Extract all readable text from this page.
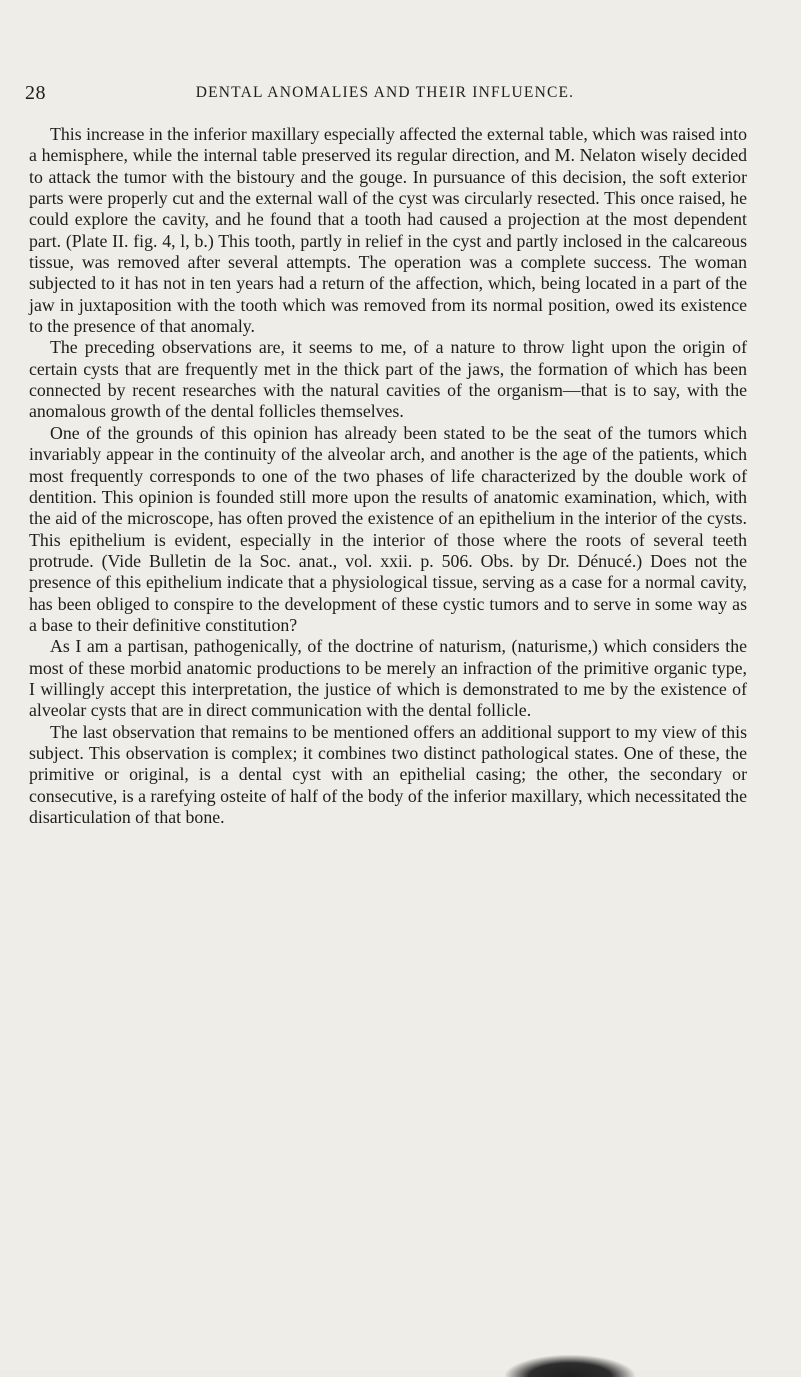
28	DENTAL ANOMALIES AND THEIR INFLUENCE.

This increase in the inferior maxillary especially affected the external table, which was raised into a hemisphere, while the internal table preserved its regular direction, and M. Nelaton wisely decided to attack the tumor with the bistoury and the gouge. In pursuance of this decision, the soft exterior parts were properly cut and the external wall of the cyst was circularly resected. This once raised, he could explore the cavity, and he found that a tooth had caused a projection at the most dependent part. (Plate II. fig. 4, l, b.) This tooth, partly in relief in the cyst and partly inclosed in the calcareous tissue, was removed after several attempts. The operation was a complete success. The woman subjected to it has not in ten years had a return of the affection, which, being located in a part of the jaw in juxtaposition with the tooth which was removed from its normal position, owed its existence to the presence of that anomaly.

The preceding observations are, it seems to me, of a nature to throw light upon the origin of certain cysts that are frequently met in the thick part of the jaws, the formation of which has been connected by recent researches with the natural cavities of the organism—that is to say, with the anomalous growth of the dental follicles themselves.

One of the grounds of this opinion has already been stated to be the seat of the tumors which invariably appear in the continuity of the alveolar arch, and another is the age of the patients, which most frequently corresponds to one of the two phases of life characterized by the double work of dentition. This opinion is founded still more upon the results of anatomic examination, which, with the aid of the microscope, has often proved the existence of an epithelium in the interior of the cysts. This epithelium is evident, especially in the interior of those where the roots of several teeth protrude. (Vide Bulletin de la Soc. anat., vol. xxii. p. 506. Obs. by Dr. Dénucé.) Does not the presence of this epithelium indicate that a physiological tissue, serving as a case for a normal cavity, has been obliged to conspire to the development of these cystic tumors and to serve in some way as a base to their definitive constitution?

As I am a partisan, pathogenically, of the doctrine of naturism, (naturisme,) which considers the most of these morbid anatomic productions to be merely an infraction of the primitive organic type, I willingly accept this interpretation, the justice of which is demonstrated to me by the existence of alveolar cysts that are in direct communication with the dental follicle.

The last observation that remains to be mentioned offers an additional support to my view of this subject. This observation is complex; it combines two distinct pathological states. One of these, the primitive or original, is a dental cyst with an epithelial casing; the other, the secondary or consecutive, is a rarefying osteite of half of the body of the inferior maxillary, which necessitated the disarticulation of that bone.
